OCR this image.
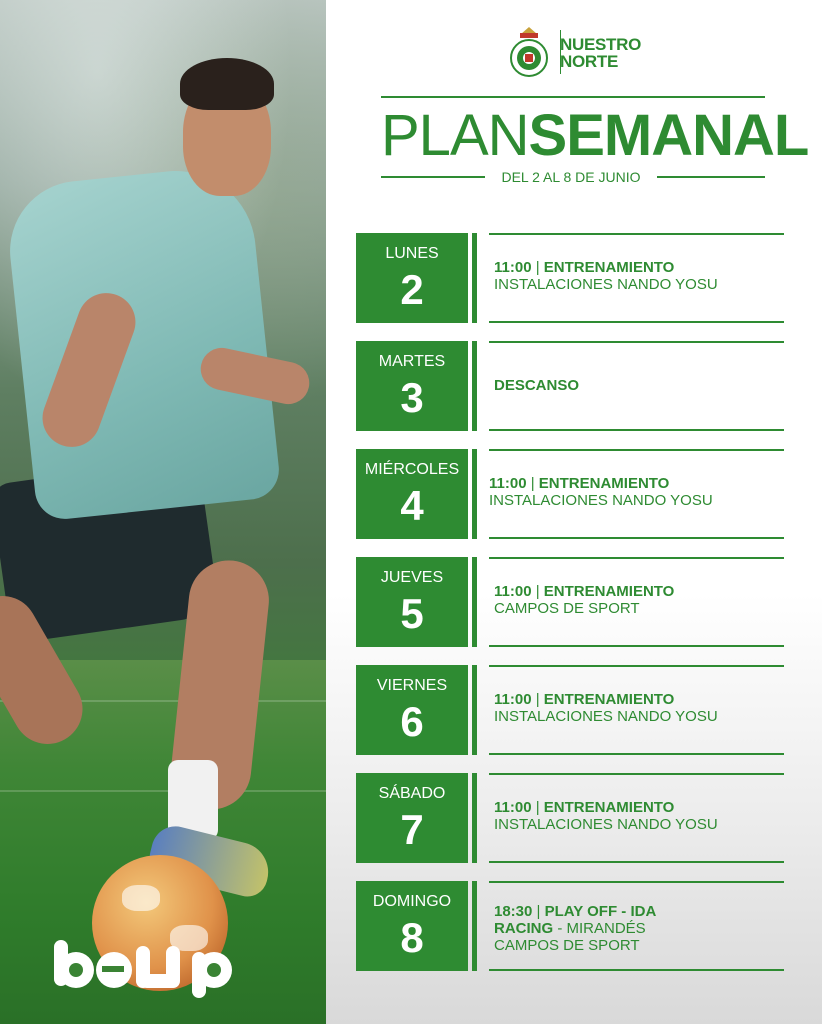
NUESTRO
NORTE
PLANSEMANAL
DEL 2 AL 8 DE JUNIO
LUNES
2	11:00 | ENTRENAMIENTO
INSTALACIONES NANDO YOSU
MARTES
3	DESCANSO
MIÉRCOLES
4	11:00 | ENTRENAMIENTO
INSTALACIONES NANDO YOSU
JUEVES
5	11:00 | ENTRENAMIENTO
CAMPOS DE SPORT
VIERNES
6	11:00 | ENTRENAMIENTO
INSTALACIONES NANDO YOSU
SÁBADO
7	11:00 | ENTRENAMIENTO
INSTALACIONES NANDO YOSU
DOMINGO
8
18:30 | PLAY OFF - IDA
RACING - MIRANDÉS
CAMPOS DE SPORT
